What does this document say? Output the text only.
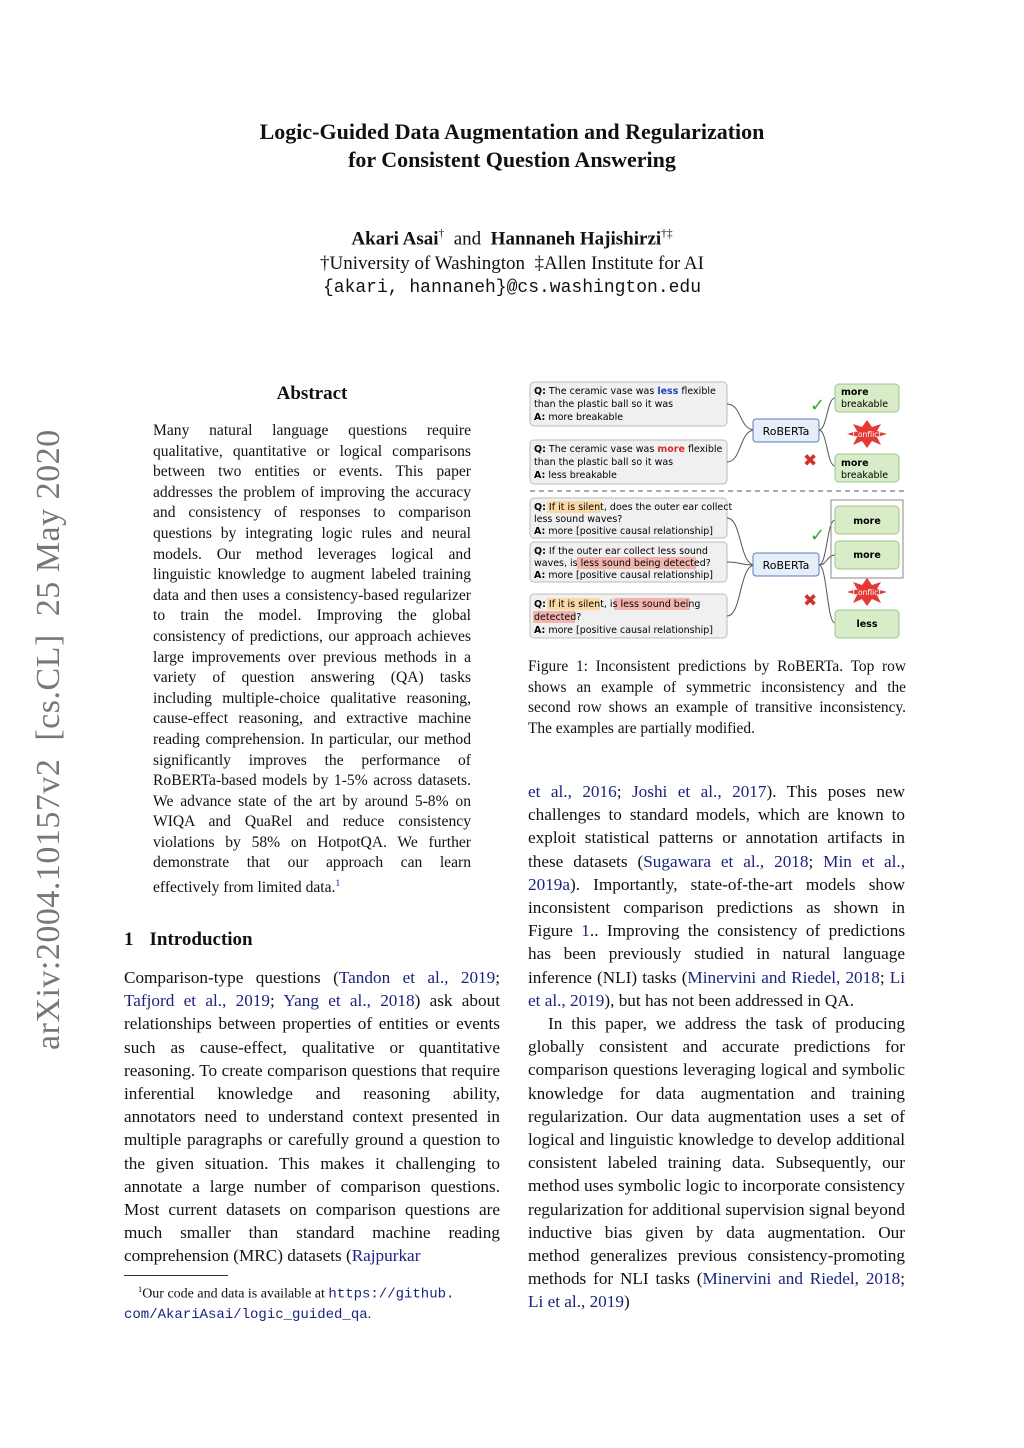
Logic-Guided Data Augmentation and Regularization
for Consistent Question Answering
Akari Asai† and Hannaneh Hajishirzi†‡
†University of Washington  ‡Allen Institute for AI
{akari, hannaneh}@cs.washington.edu
arXiv:2004.10157v2  [cs.CL]  25 May 2020
Abstract
Many natural language questions require qualitative, quantitative or logical comparisons between two entities or events. This paper addresses the problem of improving the accuracy and consistency of responses to comparison questions by integrating logic rules and neural models. Our method leverages logical and linguistic knowledge to augment labeled training data and then uses a consistency-based regularizer to train the model. Improving the global consistency of predictions, our approach achieves large improvements over previous methods in a variety of question answering (QA) tasks including multiple-choice qualitative reasoning, cause-effect reasoning, and extractive machine reading comprehension. In particular, our method significantly improves the performance of RoBERTa-based models by 1-5% across datasets. We advance state of the art by around 5-8% on WIQA and QuaRel and reduce consistency violations by 58% on HotpotQA. We further demonstrate that our approach can learn effectively from limited data.$^1$
1 Introduction
Comparison-type questions (Tandon et al., 2019; Tafjord et al., 2019; Yang et al., 2018) ask about relationships between properties of entities or events such as cause-effect, qualitative or quantitative reasoning. To create comparison questions that require inferential knowledge and reasoning ability, annotators need to understand context presented in multiple paragraphs or carefully ground a question to the given situation. This makes it challenging to annotate a large number of comparison questions. Most current datasets on comparison questions are much smaller than standard machine reading comprehension (MRC) datasets (Rajpurkar
$^1$Our code and data is available at https://github.
com/AkariAsai/logic_guided_qa.

et al., 2016; Joshi et al., 2017). This poses new challenges to standard models, which are known to exploit statistical patterns or annotation artifacts in these datasets (Sugawara et al., 2018; Min et al., 2019a). Importantly, state-of-the-art models show inconsistent comparison predictions as shown in Figure 1.. Improving the consistency of predictions has been previously studied in natural language inference (NLI) tasks (Minervini and Riedel, 2018; Li et al., 2019), but has not been addressed in QA.

In this paper, we address the task of producing globally consistent and accurate predictions for comparison questions leveraging logical and symbolic knowledge for data augmentation and training regularization. Our data augmentation uses a set of logical and linguistic knowledge to develop additional consistent labeled training data. Subsequently, our method uses symbolic logic to incorporate consistency regularization for additional supervision signal beyond inductive bias given by data augmentation. Our method generalizes previous consistency-promoting methods for NLI tasks (Minervini and Riedel, 2018; Li et al., 2019)

Q: The ceramic vase was less flexible
than the plastic ball so it was
A: more breakable
Q: The ceramic vase was more flexible
than the plastic ball so it was
A: less breakable
RoBERTa
✓
✖
more
breakable
Conflict
more
breakable
Q: If it is silent, does the outer ear collect
less sound waves?
A: more [positive causal relationship]
Q: If the outer ear collect less sound
waves, is less sound being detected?
A: more [positive causal relationship]
Q: If it is silent, is less sound being
detected?
A: more [positive causal relationship]
RoBERTa
✓
✖
more
more
Conflict
less
Figure 1: Inconsistent predictions by RoBERTa. Top row shows an example of symmetric inconsistency and the second row shows an example of transitive inconsistency. The examples are partially modified.
